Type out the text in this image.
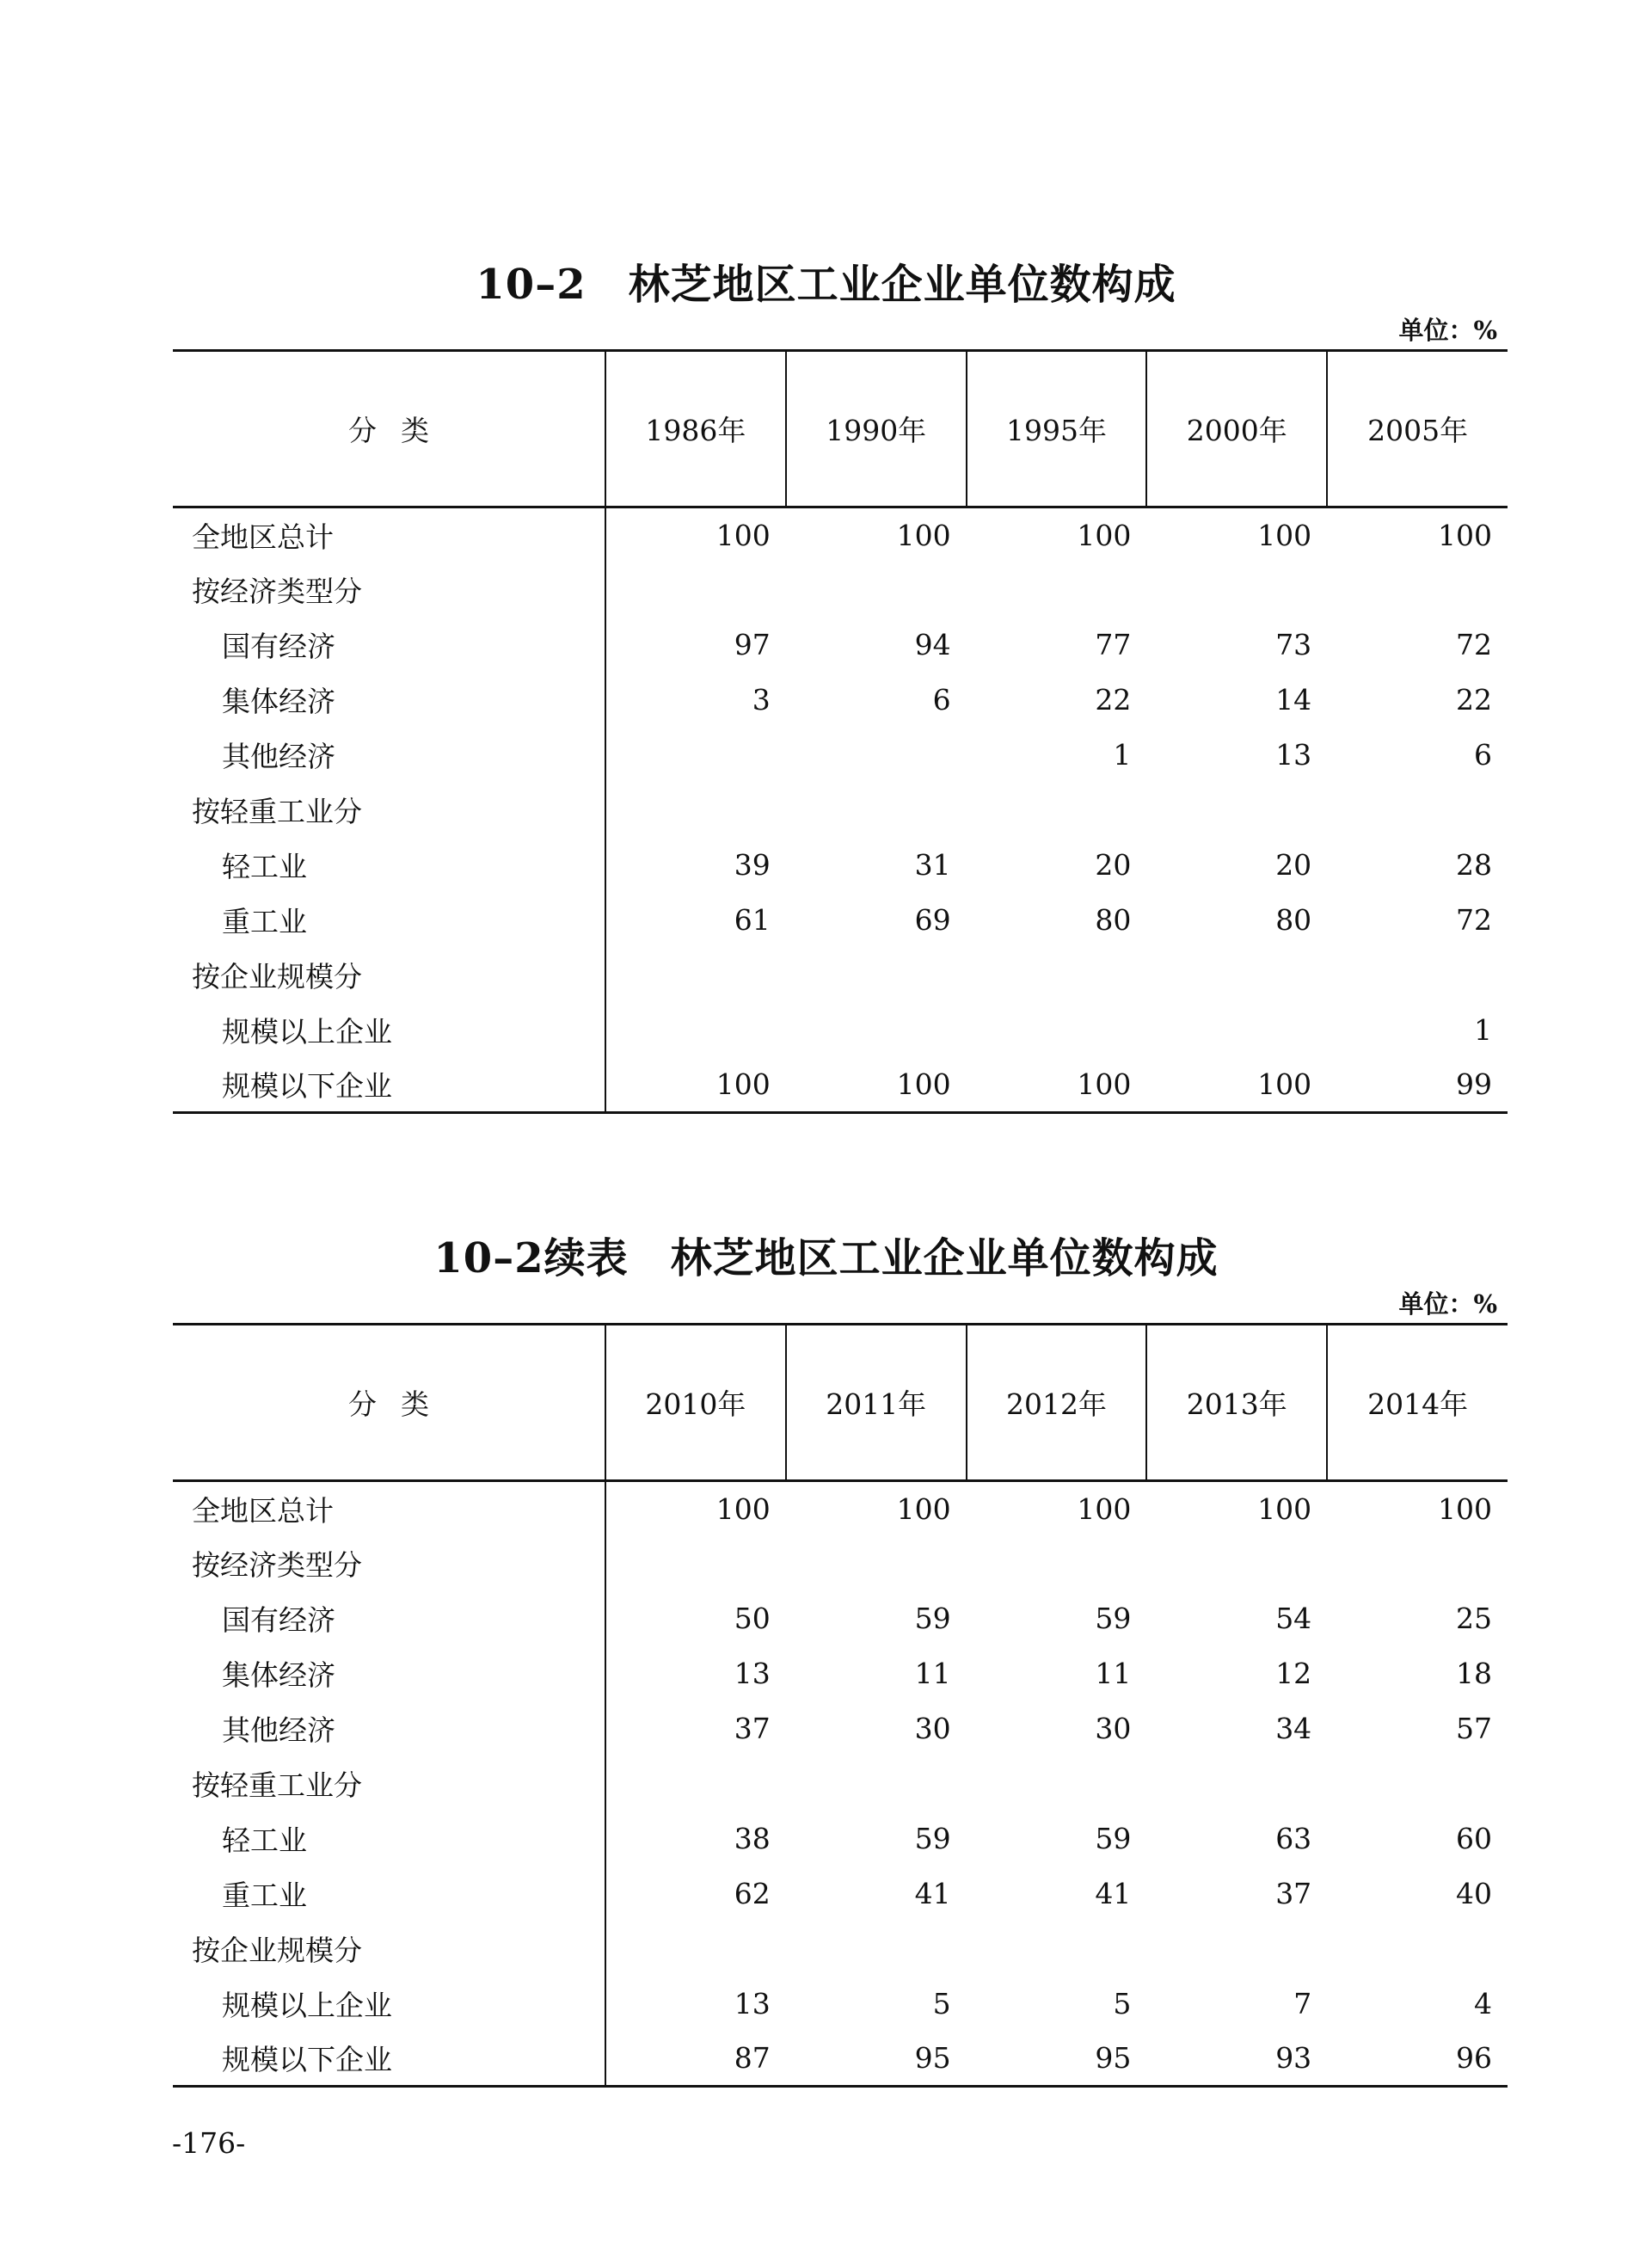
10–2　林芝地区工业企业单位数构成
单位：%
分类	1986年	1990年	1995年	2000年	2005年
全地区总计	100	100	100	100	100
按经济类型分					
国有经济	97	94	77	73	72
集体经济	3	6	22	14	22
其他经济			1	13	6
按轻重工业分					
轻工业	39	31	20	20	28
重工业	61	69	80	80	72
按企业规模分					
规模以上企业					1
规模以下企业	100	100	100	100	99
10–2续表　林芝地区工业企业单位数构成
单位：%
分类	2010年	2011年	2012年	2013年	2014年
全地区总计	100	100	100	100	100
按经济类型分					
国有经济	50	59	59	54	25
集体经济	13	11	11	12	18
其他经济	37	30	30	34	57
按轻重工业分					
轻工业	38	59	59	63	60
重工业	62	41	41	37	40
按企业规模分					
规模以上企业	13	5	5	7	4
规模以下企业	87	95	95	93	96
-176-
